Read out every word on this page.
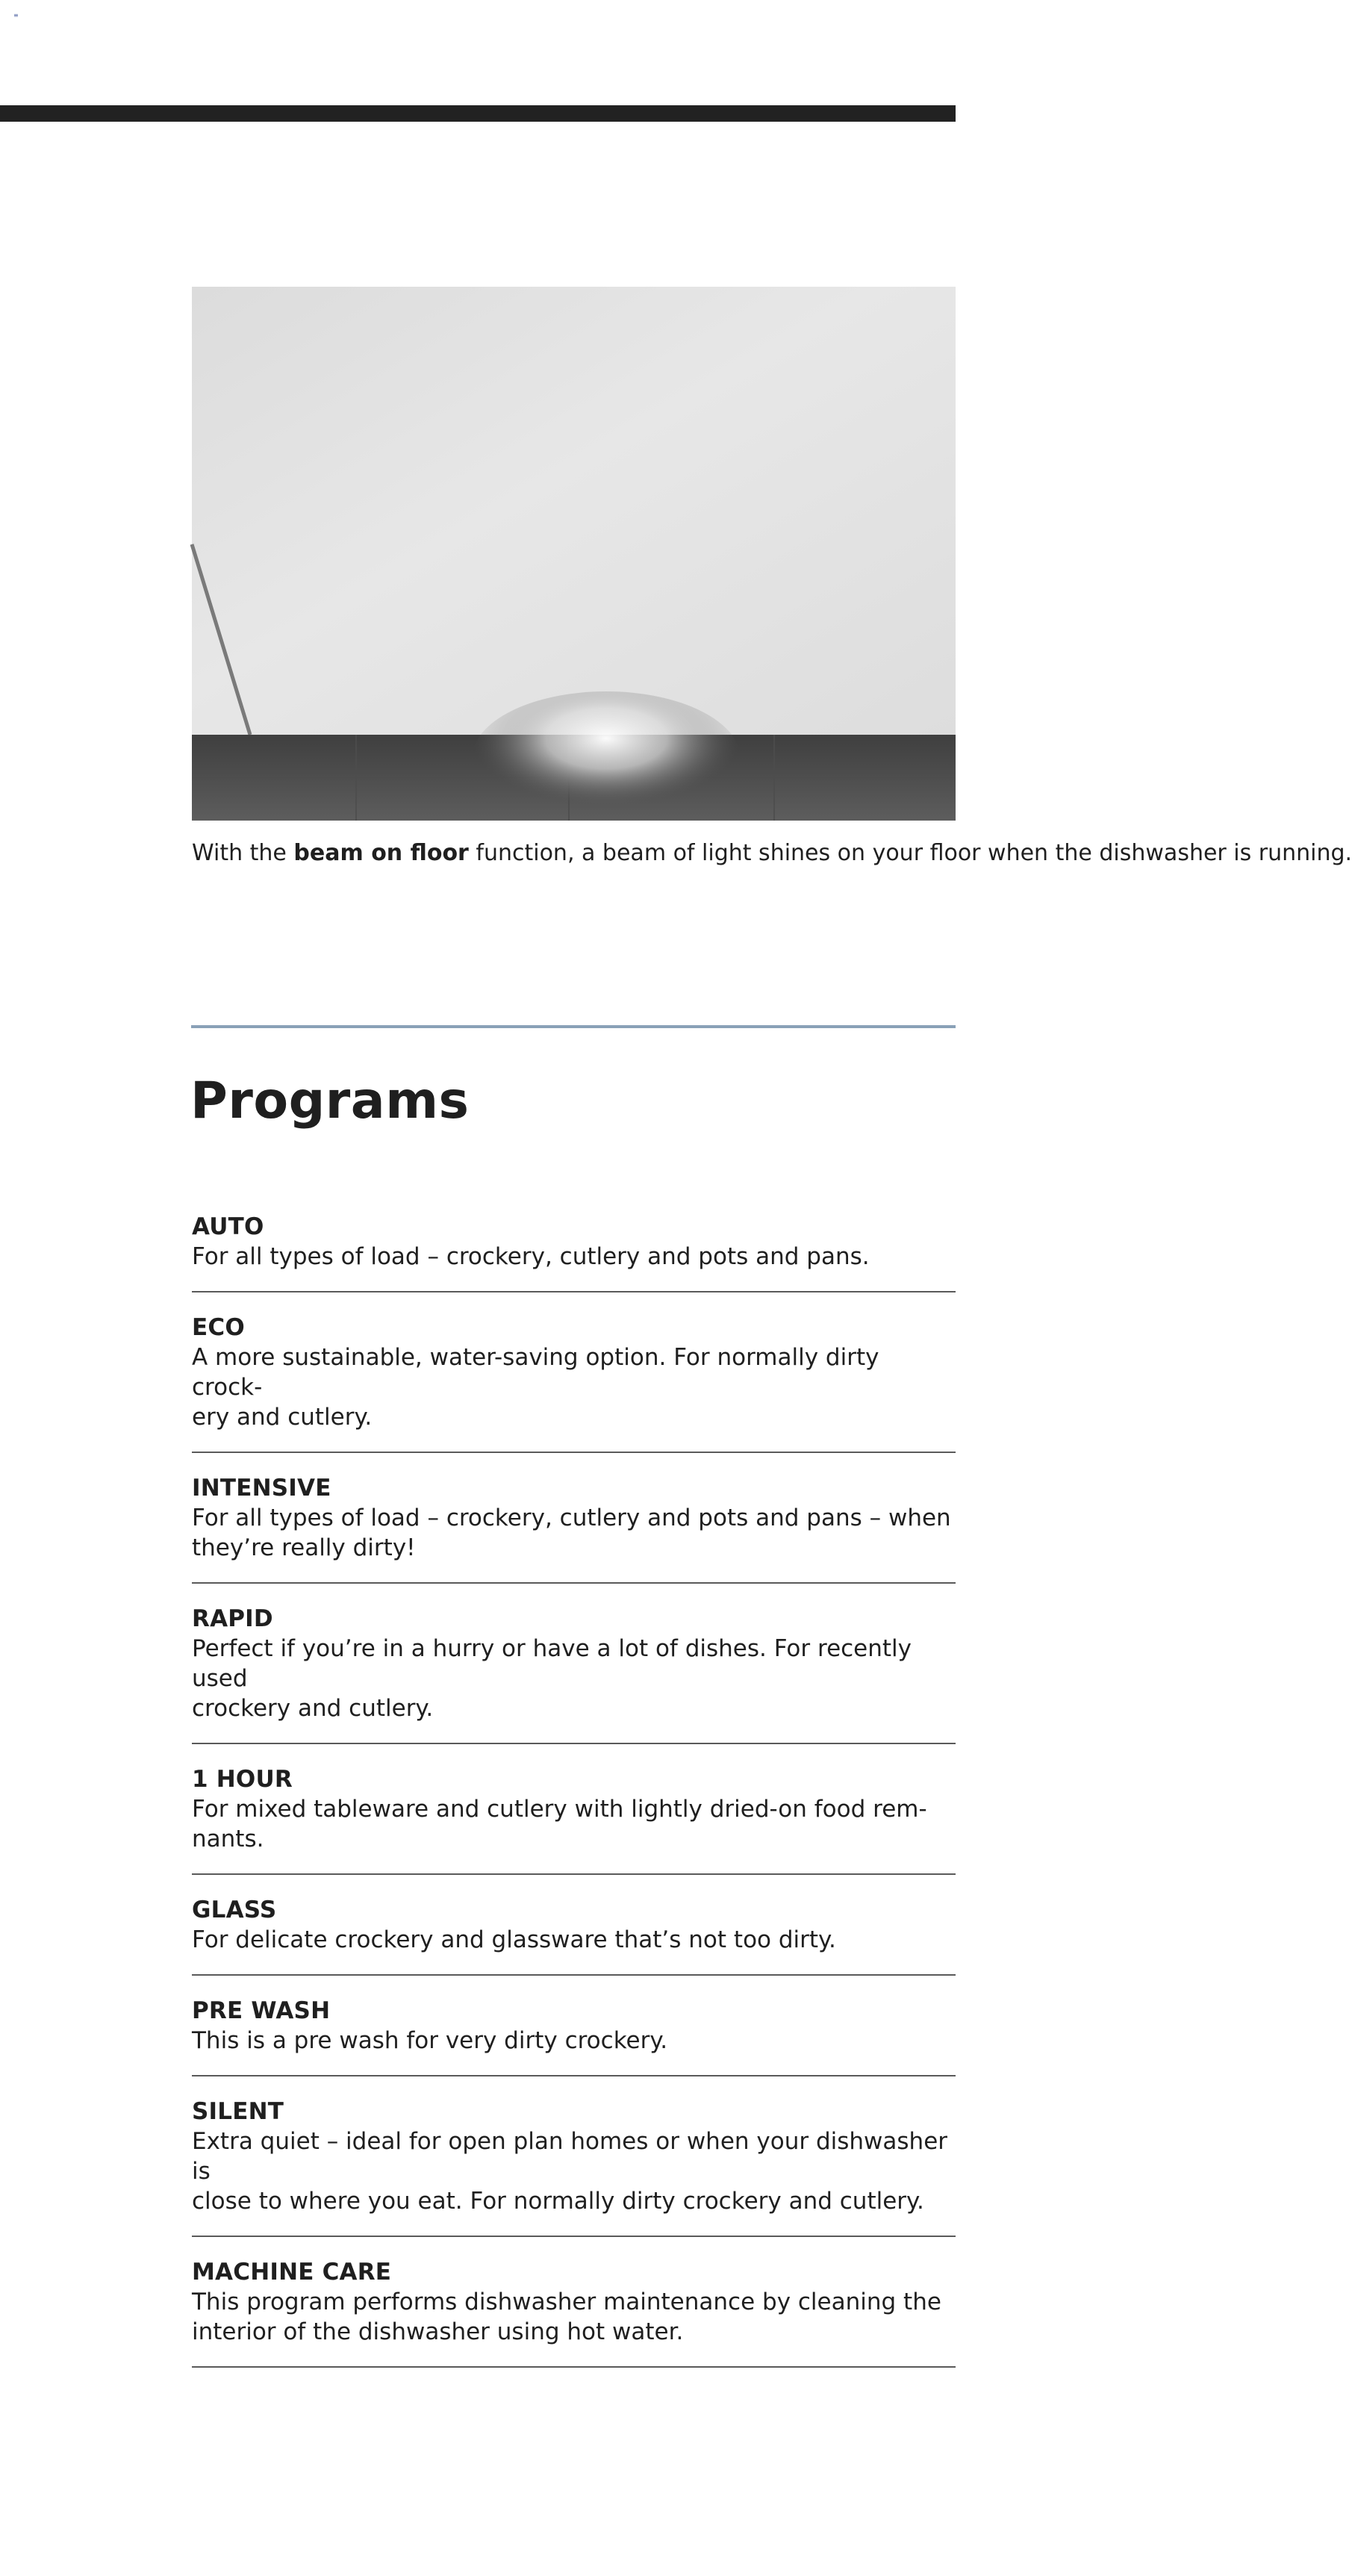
≡

With the beam on floor function, a beam of light shines on your floor when the dishwasher is running.

Programs
AUTO
For all types of load – crockery, cutlery and pots and pans.
ECO
A more sustainable, water-saving option. For normally dirty crock-
ery and cutlery.
INTENSIVE
For all types of load – crockery, cutlery and pots and pans – when
they’re really dirty!
RAPID
Perfect if you’re in a hurry or have a lot of dishes. For recently used
crockery and cutlery.
1 HOUR
For mixed tableware and cutlery with lightly dried-on food rem-
nants.
GLASS
For delicate crockery and glassware that’s not too dirty.
PRE WASH
This is a pre wash for very dirty crockery.
SILENT
Extra quiet – ideal for open plan homes or when your dishwasher is
close to where you eat. For normally dirty crockery and cutlery.
MACHINE CARE
This program performs dishwasher maintenance by cleaning the
interior of the dishwasher using hot water.
